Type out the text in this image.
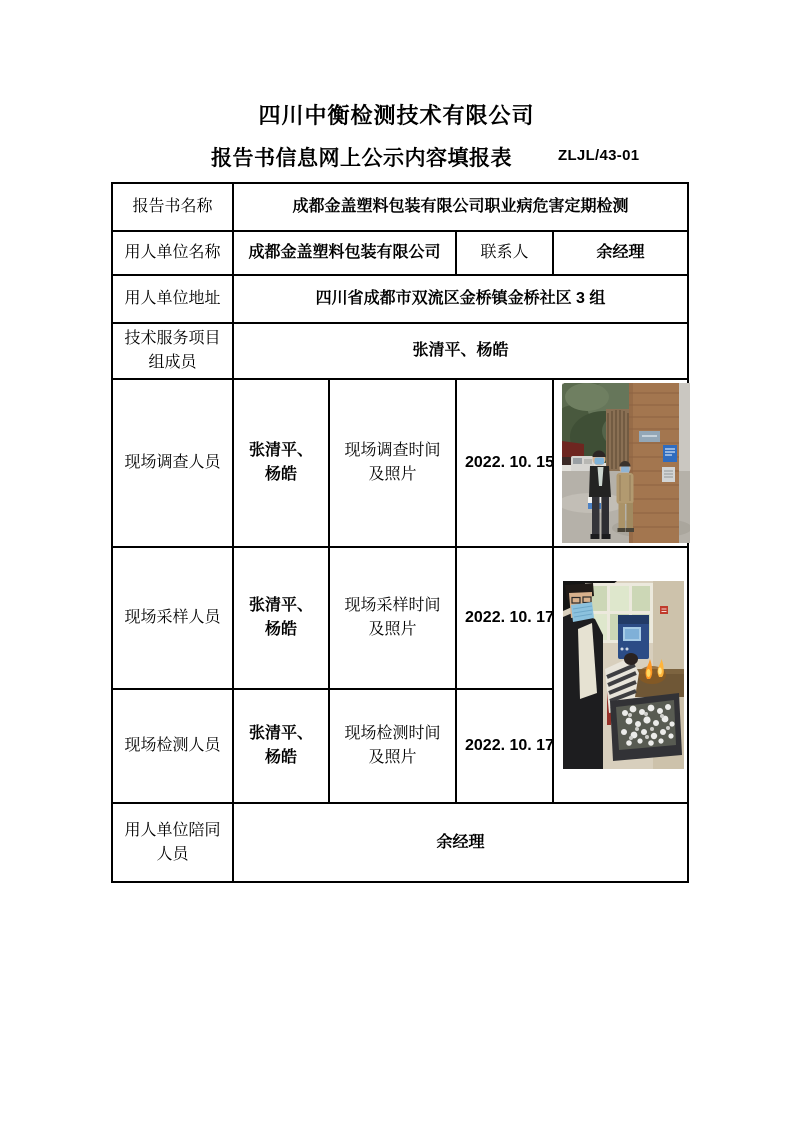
四川中衡检测技术有限公司
报告书信息网上公示内容填报表	ZLJL/43-01
报告书名称	成都金盖塑料包装有限公司职业病危害定期检测			
用人单位名称	成都金盖塑料包装有限公司		联系人	余经理
用人单位地址	四川省成都市双流区金桥镇金桥社区 3 组			
技术服务项目组成员	张清平、杨皓			
现场调查人员	张清平、杨皓	现场调查时间及照片	2022. 10. 15	

现场采样人员	张清平、杨皓	现场采样时间及照片	2022. 10. 17	

现场检测人员	张清平、杨皓	现场检测时间及照片	2022. 10. 17	
用人单位陪同人员	余经理			
